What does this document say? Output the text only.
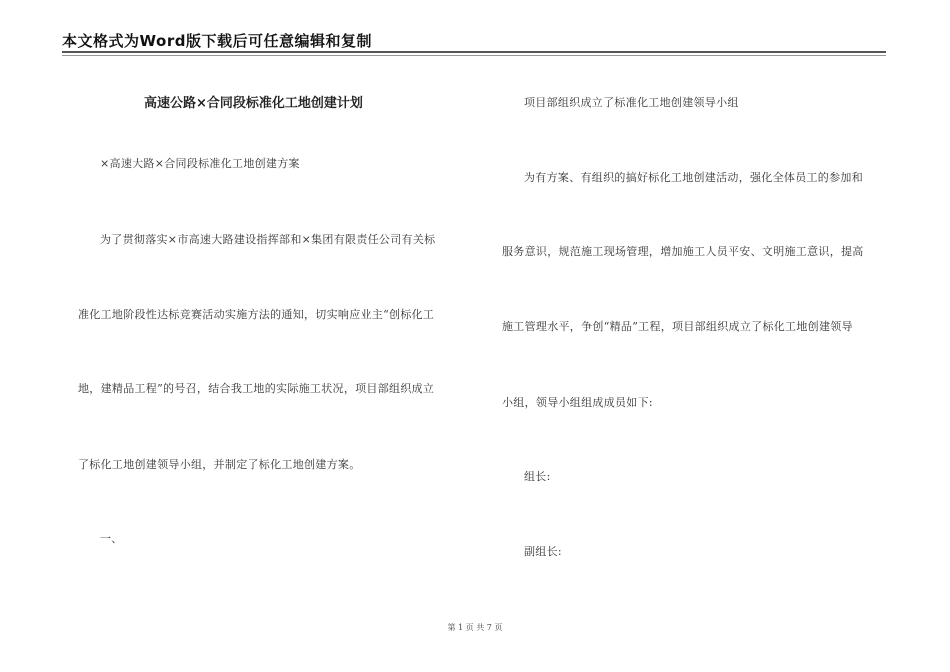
本文格式为Word版下载后可任意编辑和复制
高速公路×合同段标准化工地创建计划
×高速大路×合同段标准化工地创建方案
为了贯彻落实×市高速大路建设指挥部和×集团有限责任公司有关标
准化工地阶段性达标竞赛活动实施方法的通知，切实响应业主“创标化工
地，建精品工程”的号召，结合我工地的实际施工状况，项目部组织成立
了标化工地创建领导小组，并制定了标化工地创建方案。
一、
项目部组织成立了标准化工地创建领导小组
为有方案、有组织的搞好标化工地创建活动，强化全体员工的参加和
服务意识，规范施工现场管理，增加施工人员平安、文明施工意识，提高
施工管理水平，争创“精品”工程，项目部组织成立了标化工地创建领导
小组，领导小组组成成员如下:
组长:
副组长:
第 1 页 共 7 页
